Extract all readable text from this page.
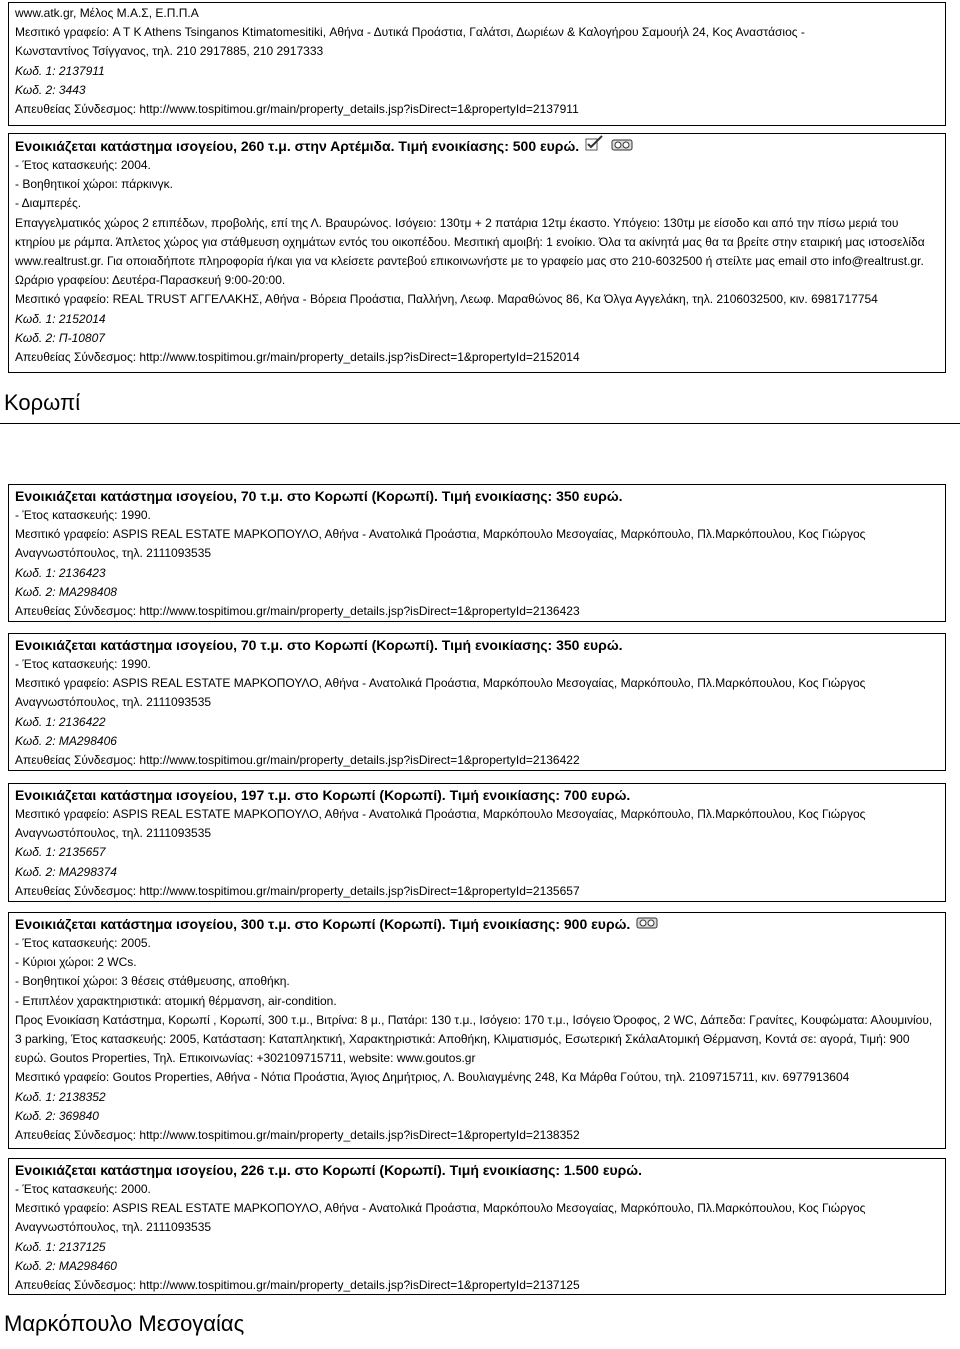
www.atk.gr, Μέλος Μ.Α.Σ, Ε.Π.Π.Α
Μεσιτικό γραφείο: A T K Athens Tsinganos Ktimatomesitiki, Αθήνα - Δυτικά Προάστια, Γαλάτσι, Δωριέων & Καλογήρου Σαμουήλ 24, Κος Αναστάσιος -
Κωνσταντίνος Τσίγγανος, τηλ. 210 2917885, 210 2917333
Κωδ. 1: 2137911
Κωδ. 2: 3443
Απευθείας Σύνδεσμος: http://www.tospitimou.gr/main/property_details.jsp?isDirect=1&propertyId=2137911
Ενοικιάζεται κατάστημα ισογείου, 260 τ.μ. στην Αρτέμιδα. Τιμή ενοικίασης: 500 ευρώ.
- Έτος κατασκευής: 2004.
- Βοηθητικοί χώροι: πάρκινγκ.
- Διαμπερές.
Επαγγελματικός χώρος 2 επιπέδων, προβολής, επί της Λ. Βραυρώνος. Ισόγειο: 130τμ + 2 πατάρια 12τμ έκαστο. Υπόγειο: 130τμ με είσοδο και από την πίσω μεριά του κτηρίου με ράμπα. Άπλετος χώρος για στάθμευση οχημάτων εντός του οικοπέδου. Μεσιτική αμοιβή: 1 ενοίκιο. Όλα τα ακίνητά μας θα τα βρείτε στην εταιρική μας ιστοσελίδα www.realtrust.gr. Για οποιαδήποτε πληροφορία ή/και για να κλείσετε ραντεβού επικοινωνήστε με το γραφείο μας στο 210-6032500 ή στείλτε μας email στο info@realtrust.gr. Ωράριο γραφείου: Δευτέρα-Παρασκευή 9:00-20:00.
Μεσιτικό γραφείο: REAL TRUST ΑΓΓΕΛΑΚΗΣ, Αθήνα - Βόρεια Προάστια, Παλλήνη, Λεωφ. Μαραθώνος 86, Κα Όλγα Αγγελάκη, τηλ. 2106032500, κιν. 6981717754
Κωδ. 1: 2152014
Κωδ. 2: Π-10807
Απευθείας Σύνδεσμος: http://www.tospitimou.gr/main/property_details.jsp?isDirect=1&propertyId=2152014
Κορωπί
Ενοικιάζεται κατάστημα ισογείου, 70 τ.μ. στο Κορωπί (Κορωπί). Τιμή ενοικίασης: 350 ευρώ.
- Έτος κατασκευής: 1990.
Μεσιτικό γραφείο: ASPIS REAL ESTATE ΜΑΡΚΟΠΟΥΛΟ, Αθήνα - Ανατολικά Προάστια, Μαρκόπουλο Μεσογαίας, Μαρκόπουλο, Πλ.Μαρκόπουλου, Κος Γιώργος Αναγνωστόπουλος, τηλ. 2111093535
Κωδ. 1: 2136423
Κωδ. 2: ΜΑ298408
Απευθείας Σύνδεσμος: http://www.tospitimou.gr/main/property_details.jsp?isDirect=1&propertyId=2136423
Ενοικιάζεται κατάστημα ισογείου, 70 τ.μ. στο Κορωπί (Κορωπί). Τιμή ενοικίασης: 350 ευρώ.
- Έτος κατασκευής: 1990.
Μεσιτικό γραφείο: ASPIS REAL ESTATE ΜΑΡΚΟΠΟΥΛΟ, Αθήνα - Ανατολικά Προάστια, Μαρκόπουλο Μεσογαίας, Μαρκόπουλο, Πλ.Μαρκόπουλου, Κος Γιώργος Αναγνωστόπουλος, τηλ. 2111093535
Κωδ. 1: 2136422
Κωδ. 2: ΜΑ298406
Απευθείας Σύνδεσμος: http://www.tospitimou.gr/main/property_details.jsp?isDirect=1&propertyId=2136422
Ενοικιάζεται κατάστημα ισογείου, 197 τ.μ. στο Κορωπί (Κορωπί). Τιμή ενοικίασης: 700 ευρώ.
Μεσιτικό γραφείο: ASPIS REAL ESTATE ΜΑΡΚΟΠΟΥΛΟ, Αθήνα - Ανατολικά Προάστια, Μαρκόπουλο Μεσογαίας, Μαρκόπουλο, Πλ.Μαρκόπουλου, Κος Γιώργος Αναγνωστόπουλος, τηλ. 2111093535
Κωδ. 1: 2135657
Κωδ. 2: ΜΑ298374
Απευθείας Σύνδεσμος: http://www.tospitimou.gr/main/property_details.jsp?isDirect=1&propertyId=2135657
Ενοικιάζεται κατάστημα ισογείου, 300 τ.μ. στο Κορωπί (Κορωπί). Τιμή ενοικίασης: 900 ευρώ.
- Έτος κατασκευής: 2005.
- Κύριοι χώροι: 2 WCs.
- Βοηθητικοί χώροι: 3 θέσεις στάθμευσης, αποθήκη.
- Επιπλέον χαρακτηριστικά: ατομική θέρμανση, air-condition.
Προς Ενοικίαση Κατάστημα, Κορωπί , Κορωπί, 300 τ.μ., Βιτρίνα: 8 μ., Πατάρι: 130 τ.μ., Ισόγειο: 170 τ.μ., Ισόγειο Όροφος, 2 WC, Δάπεδα: Γρανίτες, Κουφώματα: Αλουμινίου, 3 parking, Έτος κατασκευής: 2005, Κατάσταση: Καταπληκτική, Χαρακτηριστικά: Αποθήκη, Κλιματισμός, Εσωτερική ΣκάλαΑτομική Θέρμανση, Κοντά σε: αγορά, Τιμή: 900 ευρώ. Goutos Properties, Τηλ. Επικοινωνίας: +302109715711, website: www.goutos.gr
Μεσιτικό γραφείο: Goutos Properties, Αθήνα - Νότια Προάστια, Άγιος Δημήτριος, Λ. Βουλιαγμένης 248, Κα Μάρθα Γούτου, τηλ. 2109715711, κιν. 6977913604
Κωδ. 1: 2138352
Κωδ. 2: 369840
Απευθείας Σύνδεσμος: http://www.tospitimou.gr/main/property_details.jsp?isDirect=1&propertyId=2138352
Ενοικιάζεται κατάστημα ισογείου, 226 τ.μ. στο Κορωπί (Κορωπί). Τιμή ενοικίασης: 1.500 ευρώ.
- Έτος κατασκευής: 2000.
Μεσιτικό γραφείο: ASPIS REAL ESTATE ΜΑΡΚΟΠΟΥΛΟ, Αθήνα - Ανατολικά Προάστια, Μαρκόπουλο Μεσογαίας, Μαρκόπουλο, Πλ.Μαρκόπουλου, Κος Γιώργος Αναγνωστόπουλος, τηλ. 2111093535
Κωδ. 1: 2137125
Κωδ. 2: ΜΑ298460
Απευθείας Σύνδεσμος: http://www.tospitimou.gr/main/property_details.jsp?isDirect=1&propertyId=2137125
Μαρκόπουλο Μεσογαίας
